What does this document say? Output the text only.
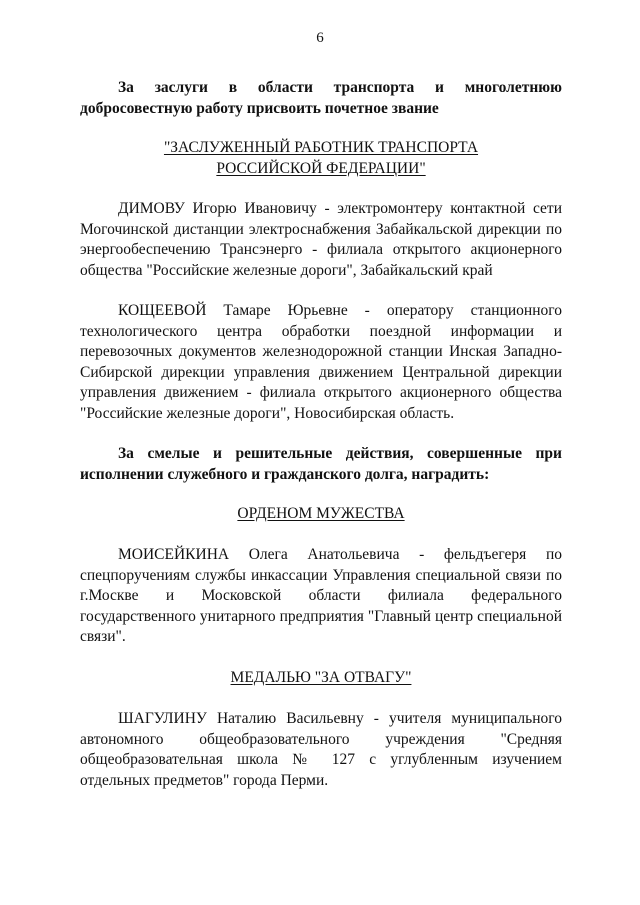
6

За заслуги в области транспорта и многолетнюю добросовестную работу присвоить почетное звание

"ЗАСЛУЖЕННЫЙ РАБОТНИК ТРАНСПОРТА
РОССИЙСКОЙ ФЕДЕРАЦИИ"

ДИМОВУ Игорю Ивановичу - электромонтеру контактной сети Могочинской дистанции электроснабжения Забайкальской дирекции по энергообеспечению Трансэнерго - филиала открытого акционерного общества "Российские железные дороги", Забайкальский край

КОЩЕЕВОЙ Тамаре Юрьевне - оператору станционного технологического центра обработки поездной информации и перевозочных документов железнодорожной станции Инская Западно-Сибирской дирекции управления движением Центральной дирекции управления движением - филиала открытого акционерного общества "Российские железные дороги", Новосибирская область.

За смелые и решительные действия, совершенные при исполнении служебного и гражданского долга, наградить:

ОРДЕНОМ МУЖЕСТВА

МОИСЕЙКИНА Олега Анатольевича - фельдъегеря по спецпоручениям службы инкассации Управления специальной связи по г.Москве и Московской области филиала федерального государственного унитарного предприятия "Главный центр специальной связи".

МЕДАЛЬЮ "ЗА ОТВАГУ"

ШАГУЛИНУ Наталию Васильевну - учителя муниципального автономного общеобразовательного учреждения "Средняя общеобразовательная школа № 127 с углубленным изучением отдельных предметов" города Перми.
